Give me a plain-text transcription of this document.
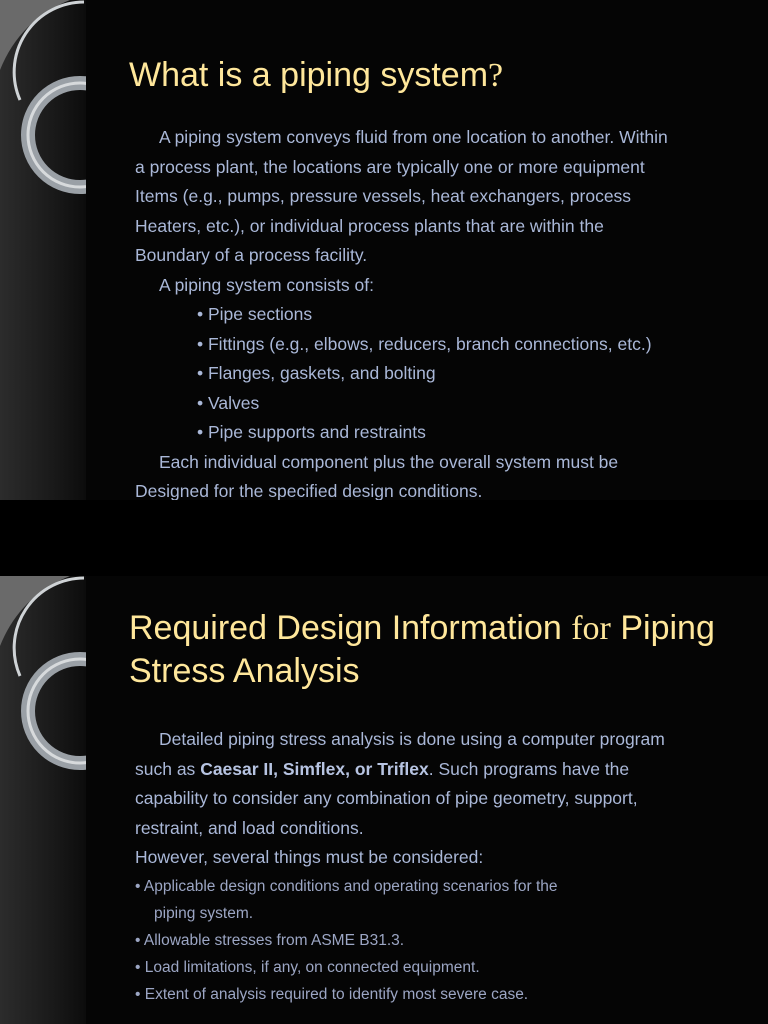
What is a piping system?

A piping system conveys fluid from one location to another. Within

a process plant, the locations are typically one or more equipment

Items (e.g., pumps, pressure vessels, heat exchangers, process

Heaters, etc.), or individual process plants that are within the

Boundary of a process facility.

A piping system consists of:

• Pipe sections

• Fittings (e.g., elbows, reducers, branch connections, etc.)

• Flanges, gaskets, and bolting

• Valves

• Pipe supports and restraints

Each individual component plus the overall system must be

Designed for the specified design conditions.

Required Design Information for Piping
Stress Analysis

Detailed piping stress analysis is done using a computer program

such as Caesar II, Simflex, or Triflex. Such programs have the

capability to consider any combination of pipe geometry, support,

restraint, and load conditions.

However, several things must be considered:

• Applicable design conditions and operating scenarios for the

piping system.

• Allowable stresses from ASME B31.3.

• Load limitations, if any, on connected equipment.

• Extent of analysis required to identify most severe case.
